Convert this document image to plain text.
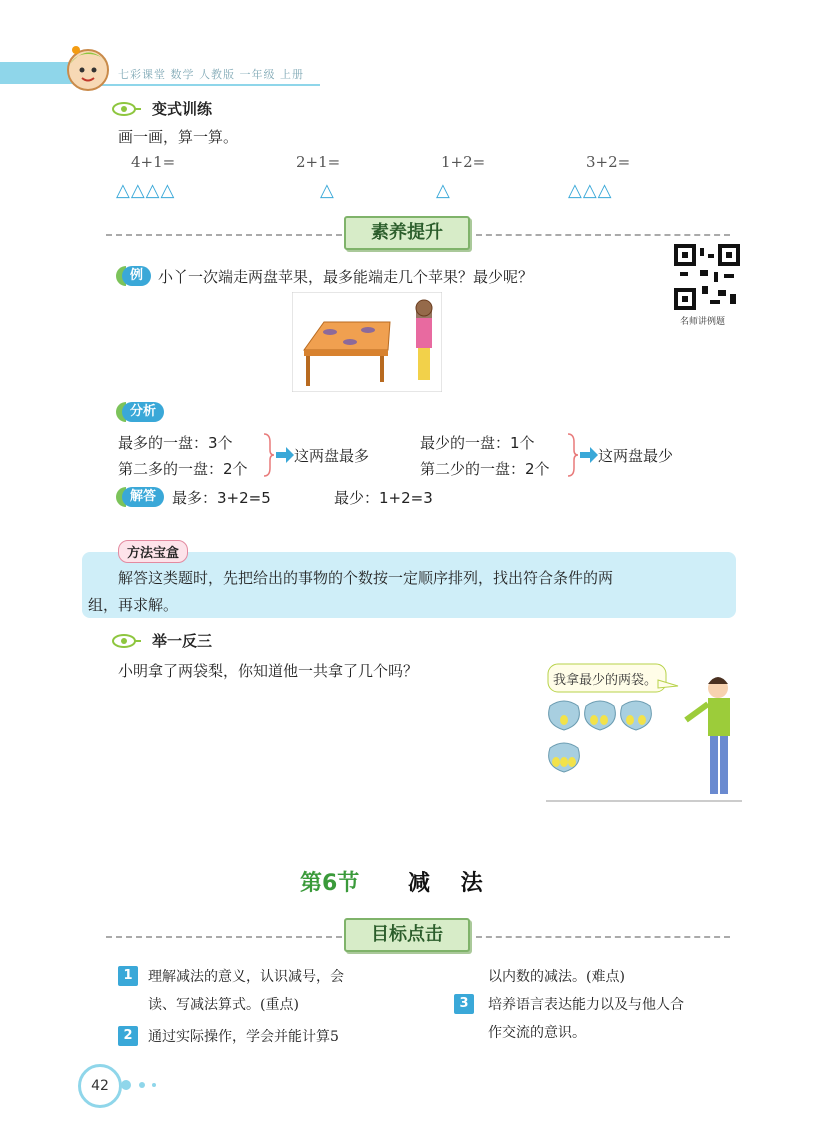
七彩课堂 数学 人教版 一年级 上册
变式训练
画一画，算一算。
4+1=	2+1=	1+2=	3+2=
△△△△	△	△	△△△
素养提升
例 小丫一次端走两盘苹果，最多能端走几个苹果？最少呢？
名师讲例题
分析
最多的一盘：3个
第二多的一盘：2个
这两盘最多
最少的一盘：1个
第二少的一盘：2个
这两盘最少
解答	最多：3+2=5	最少：1+2=3
方法宝盒
解答这类题时，先把给出的事物的个数按一定顺序排列，找出符合条件的两
组，再求解。
举一反三
小明拿了两袋梨，你知道他一共拿了几个吗？
我拿最少的两袋。
第6节 减    法
目标点击
1	理解减法的意义，认识减号，会
读、写减法算式。(重点)
2	通过实际操作，学会并能计算5
以内数的减法。(难点)
3	培养语言表达能力以及与他人合
作交流的意识。
42
